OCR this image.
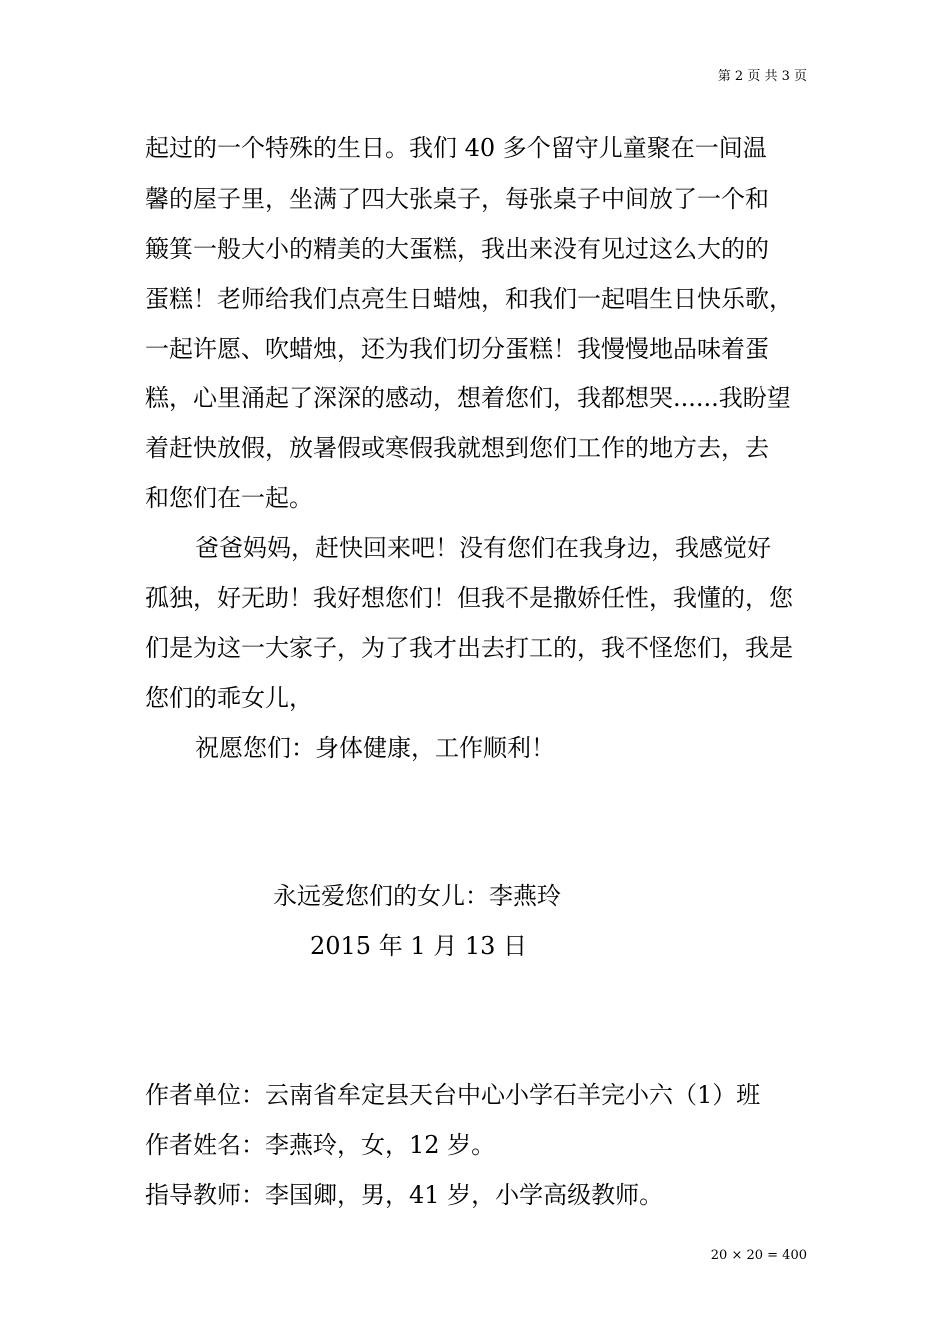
第 2 页 共 3 页
起过的一个特殊的生日。我们 40 多个留守儿童聚在一间温
馨的屋子里，坐满了四大张桌子，每张桌子中间放了一个和
簸箕一般大小的精美的大蛋糕，我出来没有见过这么大的的
蛋糕！老师给我们点亮生日蜡烛，和我们一起唱生日快乐歌，
一起许愿、吹蜡烛，还为我们切分蛋糕！我慢慢地品味着蛋
糕，心里涌起了深深的感动，想着您们，我都想哭......我盼望
着赶快放假，放暑假或寒假我就想到您们工作的地方去，去
和您们在一起。
爸爸妈妈，赶快回来吧！没有您们在我身边，我感觉好
孤独，好无助！我好想您们！但我不是撒娇任性，我懂的，您
们是为这一大家子，为了我才出去打工的，我不怪您们，我是
您们的乖女儿，
祝愿您们：身体健康，工作顺利！
永远爱您们的女儿：李燕玲
2015 年 1 月 13 日
作者单位：云南省牟定县天台中心小学石羊完小六（1）班
作者姓名：李燕玲，女，12 岁。
指导教师：李国卿，男，41 岁，小学高级教师。
20 × 20 = 400
